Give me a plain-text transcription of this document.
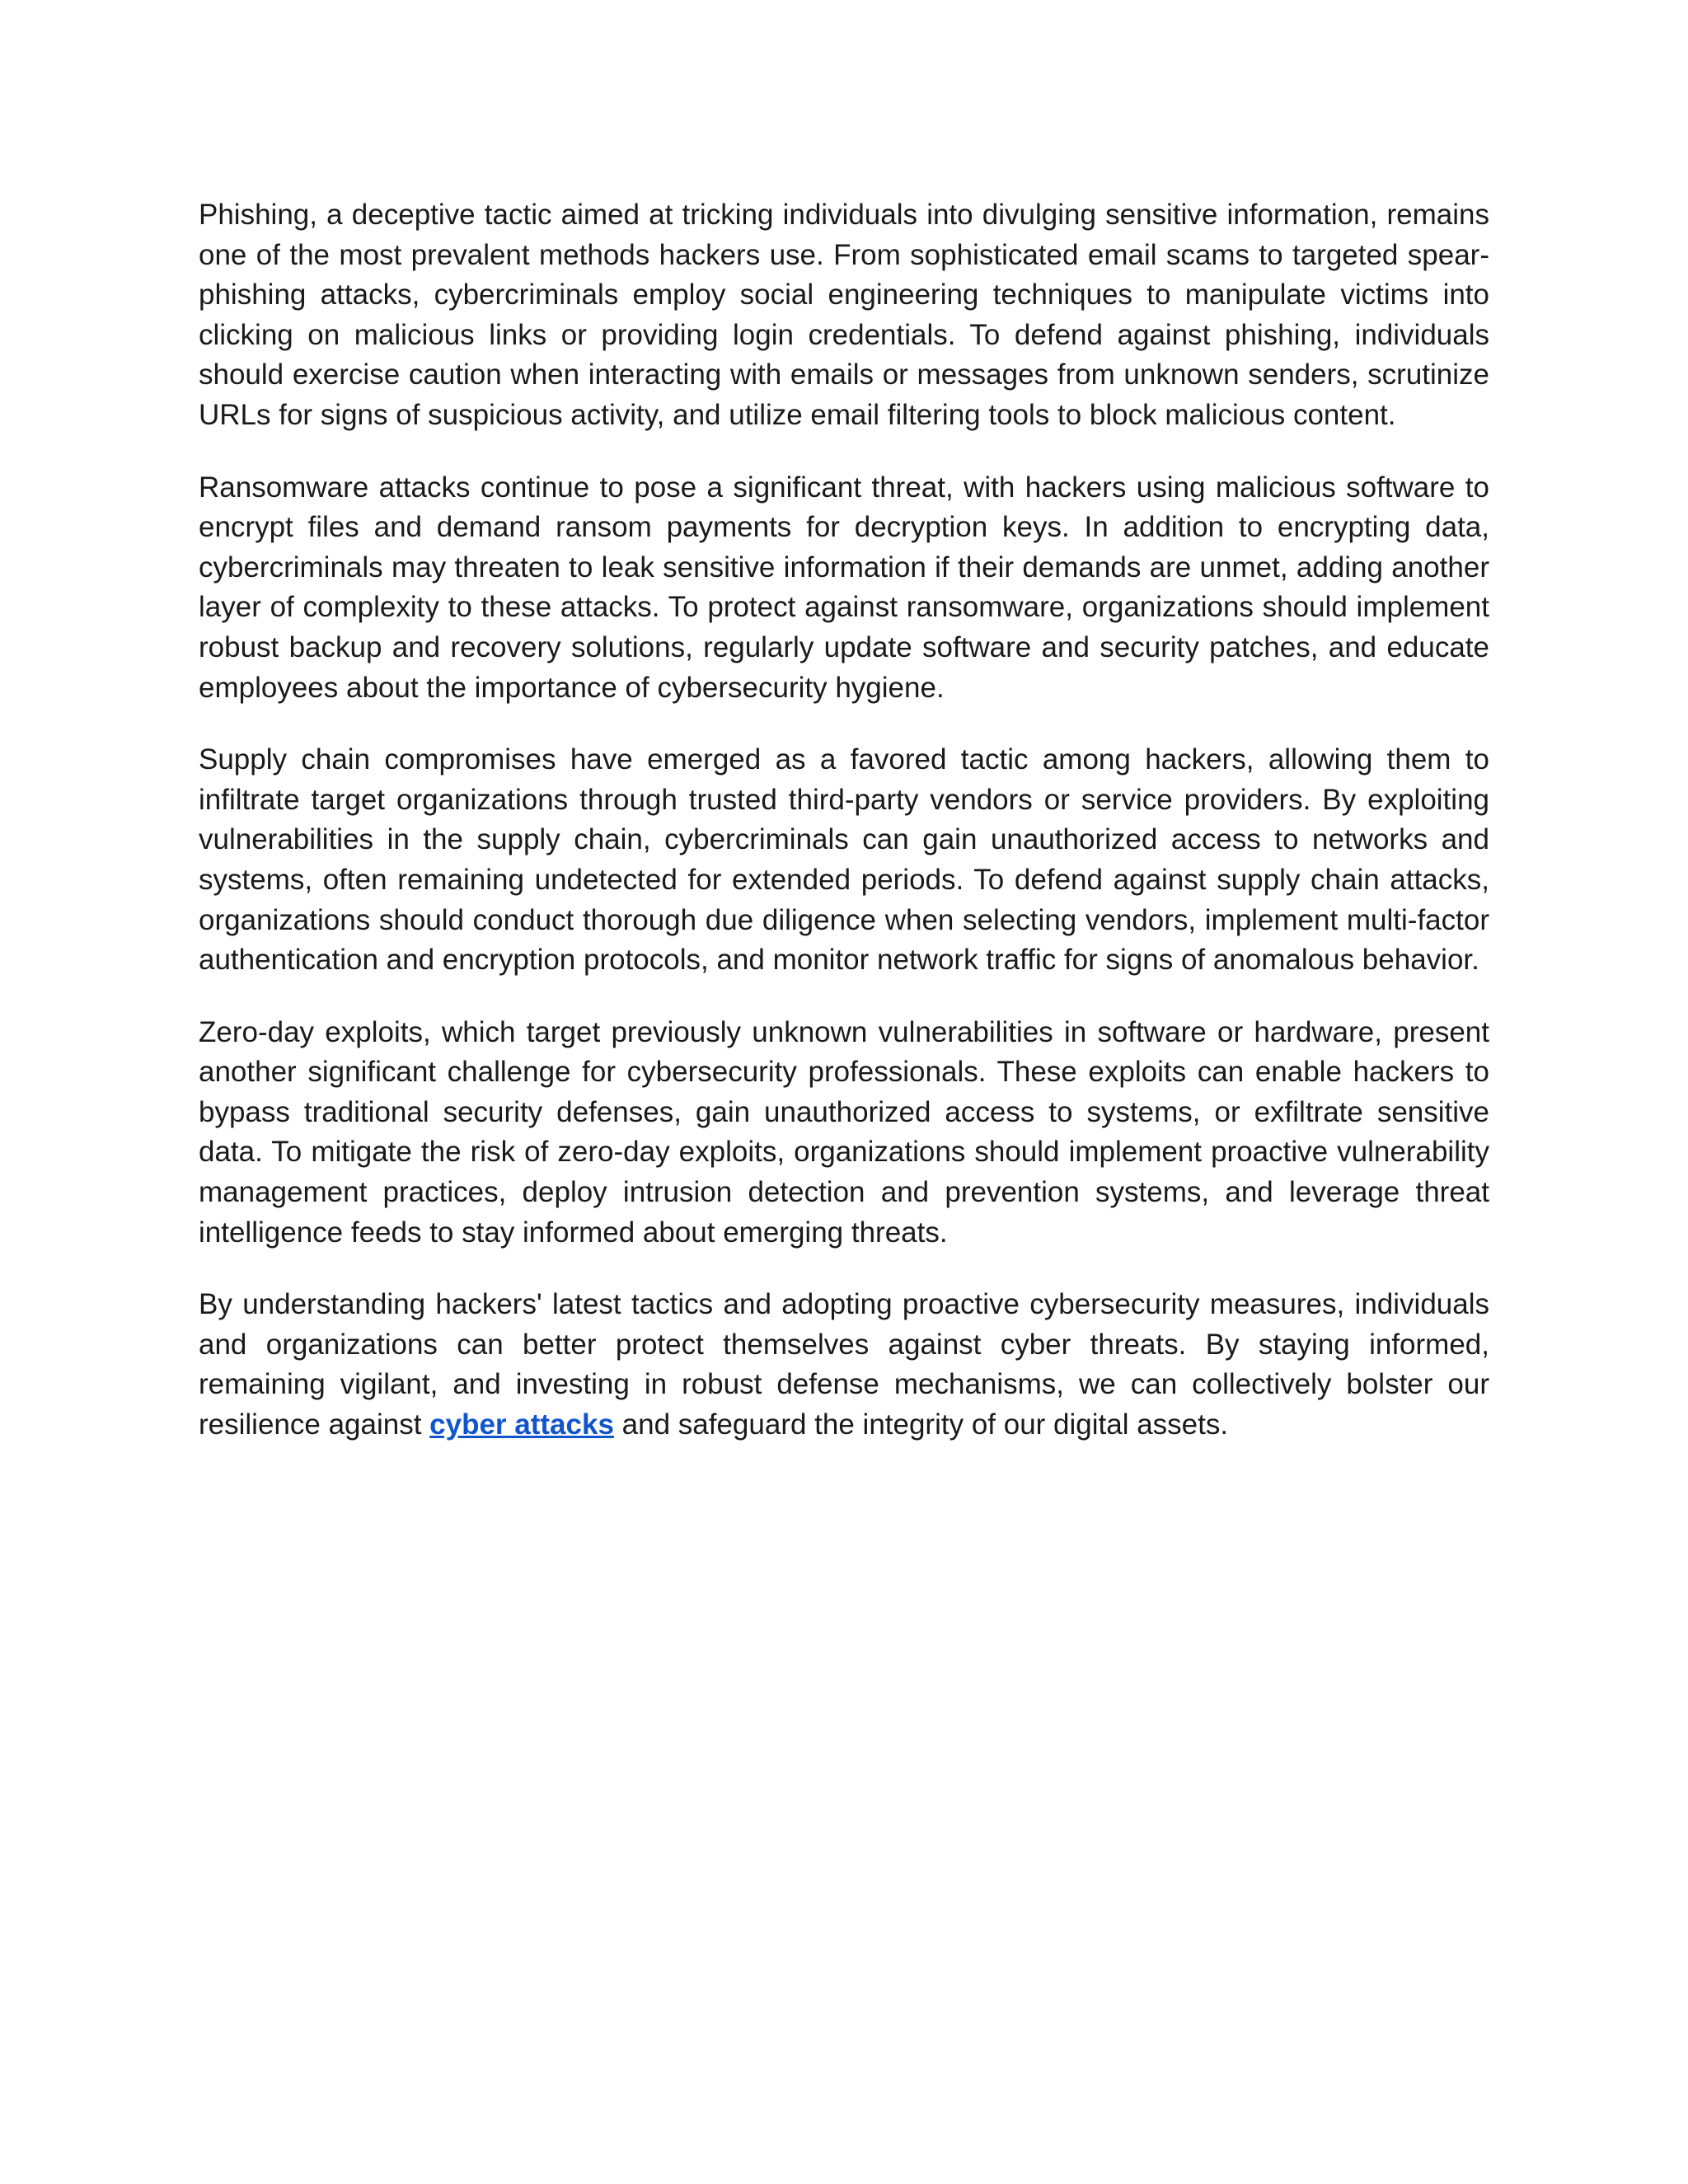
Phishing, a deceptive tactic aimed at tricking individuals into divulging sensitive information, remains one of the most prevalent methods hackers use. From sophisticated email scams to targeted spear-phishing attacks, cybercriminals employ social engineering techniques to manipulate victims into clicking on malicious links or providing login credentials. To defend against phishing, individuals should exercise caution when interacting with emails or messages from unknown senders, scrutinize URLs for signs of suspicious activity, and utilize email filtering tools to block malicious content.

Ransomware attacks continue to pose a significant threat, with hackers using malicious software to encrypt files and demand ransom payments for decryption keys. In addition to encrypting data, cybercriminals may threaten to leak sensitive information if their demands are unmet, adding another layer of complexity to these attacks. To protect against ransomware, organizations should implement robust backup and recovery solutions, regularly update software and security patches, and educate employees about the importance of cybersecurity hygiene.

Supply chain compromises have emerged as a favored tactic among hackers, allowing them to infiltrate target organizations through trusted third-party vendors or service providers. By exploiting vulnerabilities in the supply chain, cybercriminals can gain unauthorized access to networks and systems, often remaining undetected for extended periods. To defend against supply chain attacks, organizations should conduct thorough due diligence when selecting vendors, implement multi-factor authentication and encryption protocols, and monitor network traffic for signs of anomalous behavior.

Zero-day exploits, which target previously unknown vulnerabilities in software or hardware, present another significant challenge for cybersecurity professionals. These exploits can enable hackers to bypass traditional security defenses, gain unauthorized access to systems, or exfiltrate sensitive data. To mitigate the risk of zero-day exploits, organizations should implement proactive vulnerability management practices, deploy intrusion detection and prevention systems, and leverage threat intelligence feeds to stay informed about emerging threats.

By understanding hackers' latest tactics and adopting proactive cybersecurity measures, individuals and organizations can better protect themselves against cyber threats. By staying informed, remaining vigilant, and investing in robust defense mechanisms, we can collectively bolster our resilience against cyber attacks and safeguard the integrity of our digital assets.
